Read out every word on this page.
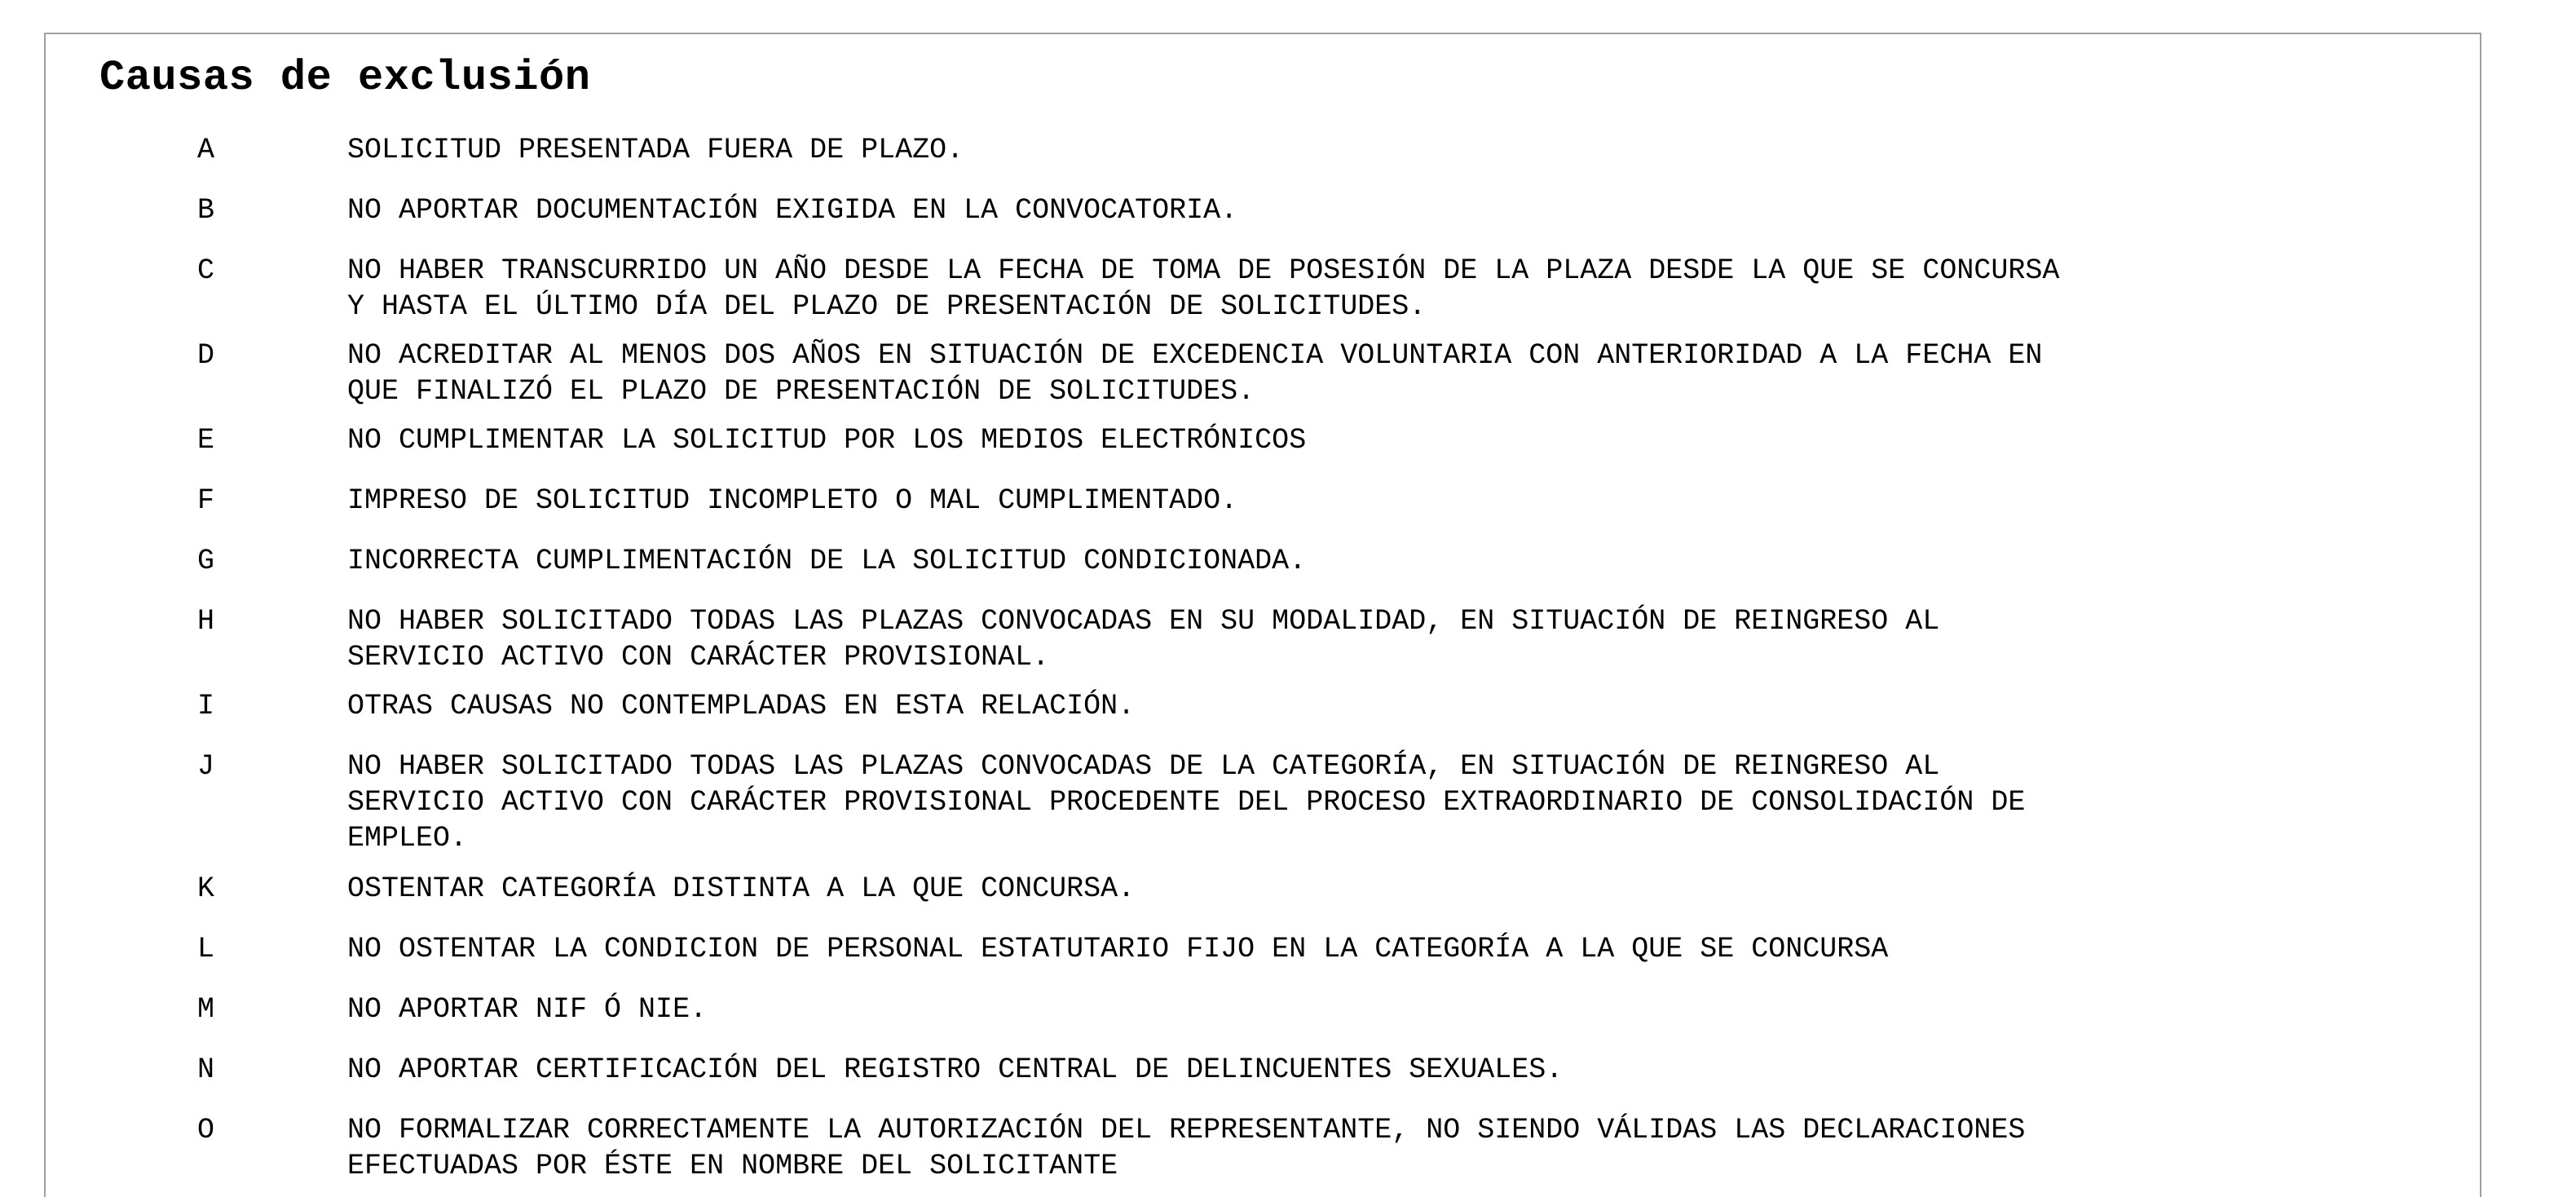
Causas de exclusión
A	SOLICITUD PRESENTADA FUERA DE PLAZO.
B	NO APORTAR DOCUMENTACIÓN EXIGIDA EN LA CONVOCATORIA.
C	NO HABER TRANSCURRIDO UN AÑO DESDE LA FECHA DE TOMA DE POSESIÓN DE LA PLAZA DESDE LA QUE SE CONCURSA
Y HASTA EL ÚLTIMO DÍA DEL PLAZO DE PRESENTACIÓN DE SOLICITUDES.
D	NO ACREDITAR AL MENOS DOS AÑOS EN SITUACIÓN DE EXCEDENCIA VOLUNTARIA CON ANTERIORIDAD A LA FECHA EN
QUE FINALIZÓ EL PLAZO DE PRESENTACIÓN DE SOLICITUDES.
E	NO CUMPLIMENTAR LA SOLICITUD POR LOS MEDIOS ELECTRÓNICOS
F	IMPRESO DE SOLICITUD INCOMPLETO O MAL CUMPLIMENTADO.
G	INCORRECTA CUMPLIMENTACIÓN DE LA SOLICITUD CONDICIONADA.
H	NO HABER SOLICITADO TODAS LAS PLAZAS CONVOCADAS EN SU MODALIDAD, EN SITUACIÓN DE REINGRESO AL
SERVICIO ACTIVO CON CARÁCTER PROVISIONAL.
I	OTRAS CAUSAS NO CONTEMPLADAS EN ESTA RELACIÓN.
J	NO HABER SOLICITADO TODAS LAS PLAZAS CONVOCADAS DE LA CATEGORÍA, EN SITUACIÓN DE REINGRESO AL
SERVICIO ACTIVO CON CARÁCTER PROVISIONAL PROCEDENTE DEL PROCESO EXTRAORDINARIO DE CONSOLIDACIÓN DE
EMPLEO.
K	OSTENTAR CATEGORÍA DISTINTA A LA QUE CONCURSA.
L	NO OSTENTAR LA CONDICION DE PERSONAL ESTATUTARIO FIJO EN LA CATEGORÍA A LA QUE SE CONCURSA
M	NO APORTAR NIF Ó NIE.
N	NO APORTAR CERTIFICACIÓN DEL REGISTRO CENTRAL DE DELINCUENTES SEXUALES.
O	NO FORMALIZAR CORRECTAMENTE LA AUTORIZACIÓN DEL REPRESENTANTE, NO SIENDO VÁLIDAS LAS DECLARACIONES
EFECTUADAS POR ÉSTE EN NOMBRE DEL SOLICITANTE
